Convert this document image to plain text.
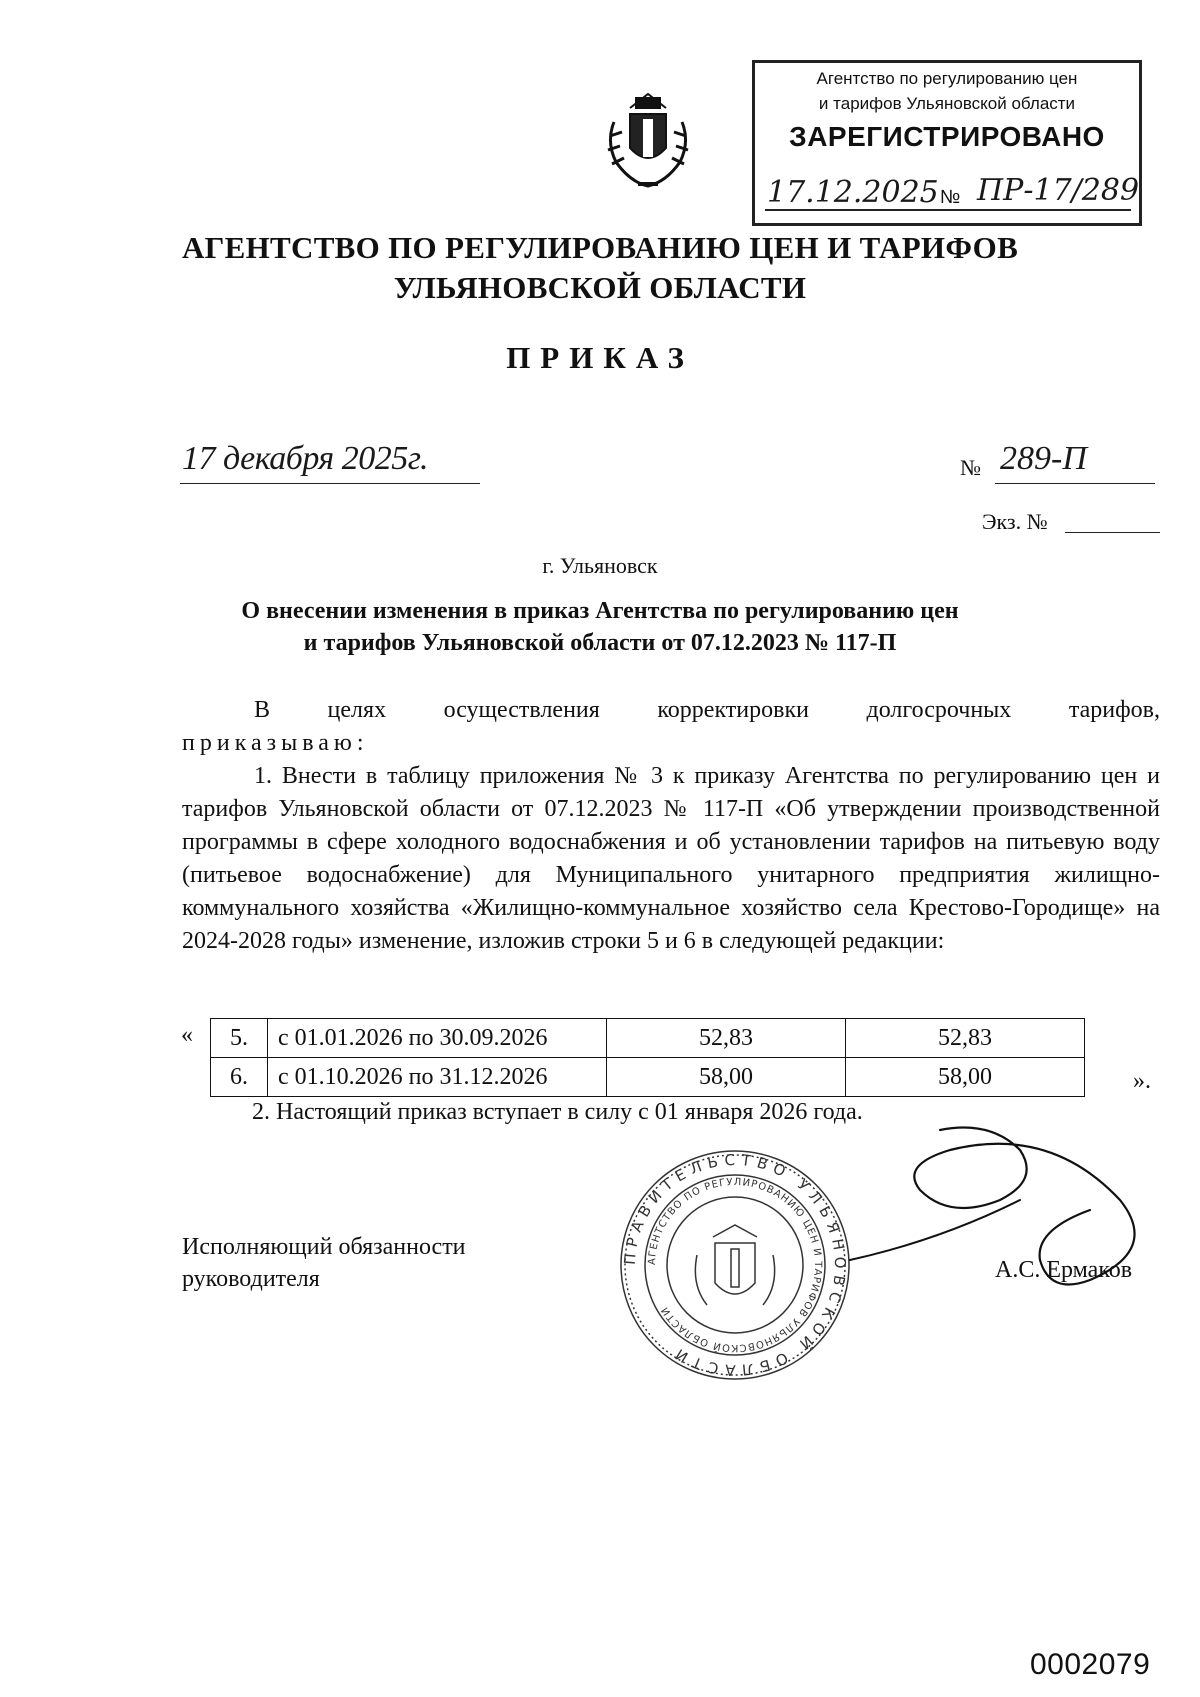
Агентство по регулированию цен
и тарифов Ульяновской области
ЗАРЕГИСТРИРОВАНО
17.12.2025 № ПР-17/289
АГЕНТСТВО ПО РЕГУЛИРОВАНИЮ ЦЕН И ТАРИФОВ
УЛЬЯНОВСКОЙ ОБЛАСТИ
ПРИКАЗ
17 декабря 2025г.	№ 289-П
Экз. №
г. Ульяновск
О внесении изменения в приказ Агентства по регулированию цен
и тарифов Ульяновской области от 07.12.2023 № 117-П
В целях осуществления корректировки долгосрочных тарифов,
приказываю:
1. Внести в таблицу приложения № 3 к приказу Агентства по регулированию цен и тарифов Ульяновской области от 07.12.2023 № 117-П «Об утверждении производственной программы в сфере холодного водоснабжения и об установлении тарифов на питьевую воду (питьевое водоснабжение) для Муниципального унитарного предприятия жилищно-коммунального хозяйства «Жилищно-коммунальное хозяйство села Крестово-Городище» на 2024-2028 годы» изменение, изложив строки 5 и 6 в следующей редакции:
« 5.	с 01.01.2026 по 30.09.2026	52,83	52,83
6.	с 01.10.2026 по 31.12.2026	58,00	58,00	».
2. Настоящий приказ вступает в силу с 01 января 2026 года.
ПРАВИТЕЛЬСТВО УЛЬЯНОВСКОЙ ОБЛАСТИ
АГЕНТСТВО ПО РЕГУЛИРОВАНИЮ ЦЕН И ТАРИФОВ УЛЬЯНОВСКОЙ ОБЛАСТИ
Исполняющий обязанности
руководителя	А.С. Ермаков
0002079
